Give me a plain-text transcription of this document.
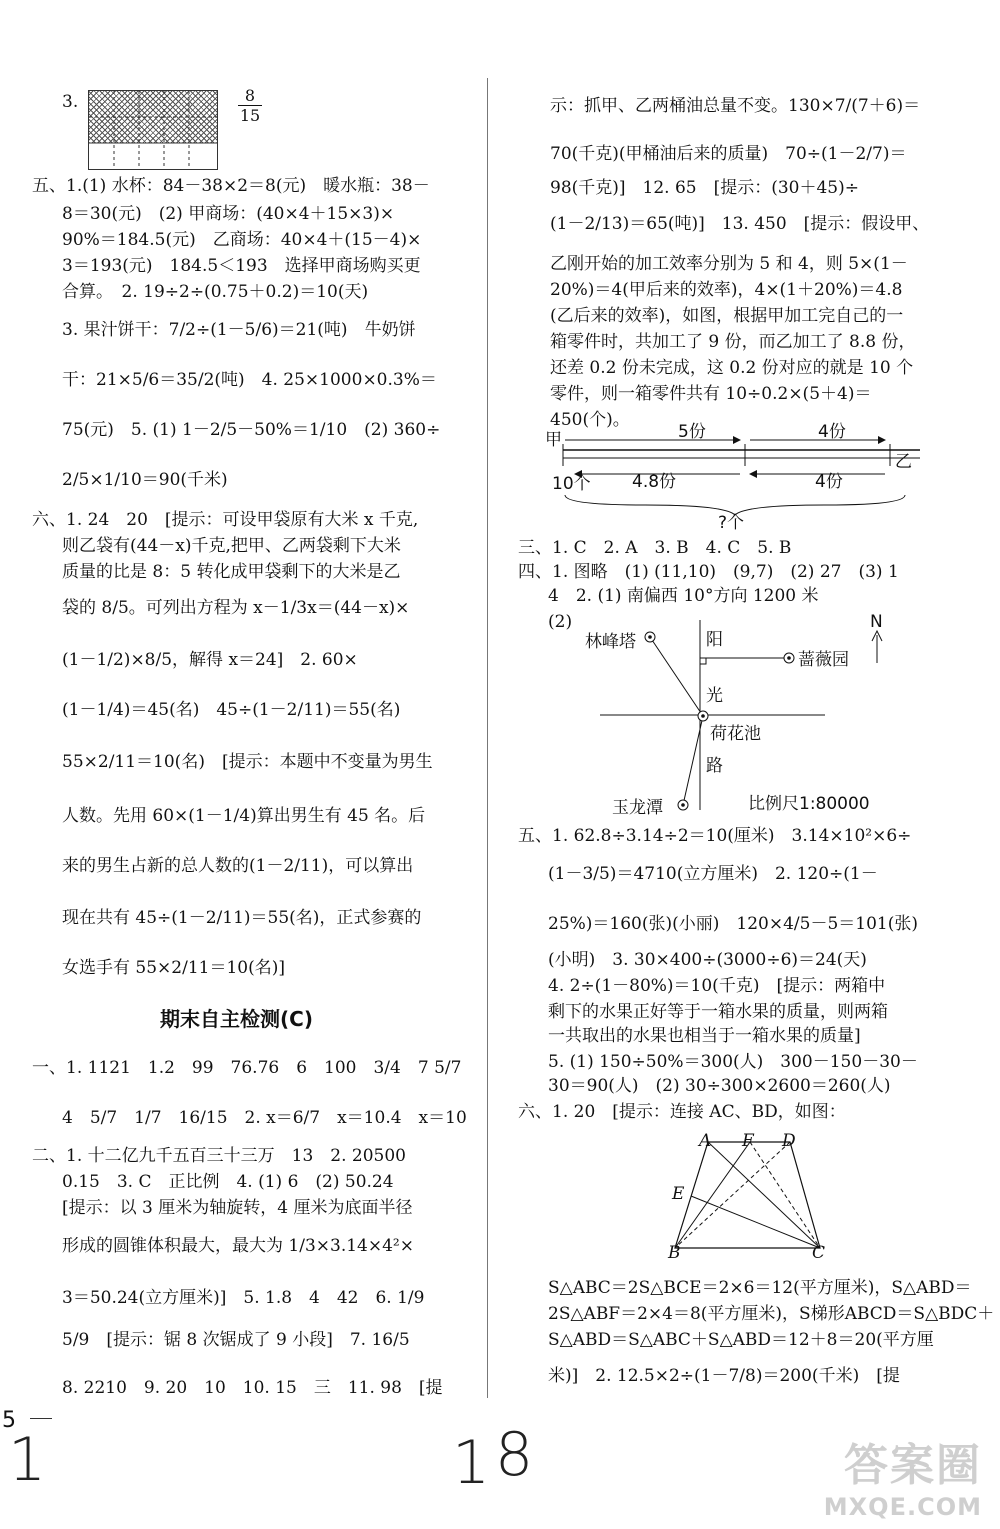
$\frac{8}{15}$
3.
五、1.(1) 水杯：84－38×2＝8(元)　暖水瓶：38－
8＝30(元)　(2) 甲商场：(40×4＋15×3)×
90%＝184.5(元)　乙商场：40×4＋(15－4)×
3＝193(元)　184.5＜193　选择甲商场购买更
合算。　2. 19÷2÷(0.75＋0.2)＝10(天)
3. 果汁饼干：7/2÷(1－5/6)＝21(吨)　牛奶饼
干：21×5/6＝35/2(吨)　4. 25×1000×0.3%＝
75(元)　5. (1) 1－2/5－50%＝1/10　(2) 360÷
2/5×1/10＝90(千米)
六、1. 24　20　[提示：可设甲袋原有大米 x 千克,
则乙袋有(44－x)千克,把甲、乙两袋剩下大米
质量的比是 8：5 转化成甲袋剩下的大米是乙
袋的 8/5。可列出方程为 x－1/3x＝(44－x)×
(1－1/2)×8/5，解得 x＝24]　2. 60×
(1－1/4)＝45(名)　45÷(1－2/11)＝55(名)
55×2/11＝10(名)　[提示：本题中不变量为男生
人数。先用 60×(1－1/4)算出男生有 45 名。后
来的男生占新的总人数的(1－2/11)，可以算出
现在共有 45÷(1－2/11)＝55(名)，正式参赛的
女选手有 55×2/11＝10(名)]
期末自主检测(C)
一、1. 1121　1.2　99　76.76　6　100　3/4　7 5/7
4　5/7　1/7　16/15　2. x＝6/7　x＝10.4　x＝10
二、1. 十二亿九千五百三十三万　13　2. 20500
0.15　3. C　正比例　4. (1) 6　(2) 50.24
[提示：以 3 厘米为轴旋转，4 厘米为底面半径
形成的圆锥体积最大，最大为 1/3×3.14×4²×
3＝50.24(立方厘米)]　5. 1.8　4　42　6. 1/9
5/9　[提示：锯 8 次锯成了 9 小段]　7. 16/5
8. 2210　9. 20　10　10. 15　三　11. 98　[提
示：抓甲、乙两桶油总量不变。130×7/(7＋6)＝
70(千克)(甲桶油后来的质量)　70÷(1－2/7)＝
98(千克)]　12. 65　[提示：(30＋45)÷
(1－2/13)＝65(吨)]　13. 450　[提示：假设甲、
乙刚开始的加工效率分别为 5 和 4，则 5×(1－
20%)＝4(甲后来的效率)，4×(1＋20%)＝4.8
(乙后来的效率)，如图，根据甲加工完自己的一
箱零件时，共加工了 9 份，而乙加工了 8.8 份，
还差 0.2 份未完成，这 0.2 份对应的就是 10 个
零件，则一箱零件共有 10÷0.2×(5＋4)＝
450(个)。
甲	5份	4份
乙
10个 4.8份	4份
?个
三、1. C　2. A　3. B　4. C　5. B
四、1. 图略　(1) (11,10)　(9,7)　(2) 27　(3) 1
4　2. (1) 南偏西 10°方向 1200 米
(2)
林峰塔	阳
蔷薇园
N
光
荷花池
路
玉龙潭	比例尺1:80000
五、1. 62.8÷3.14÷2＝10(厘米)　3.14×10²×6÷
(1－3/5)＝4710(立方厘米)　2. 120÷(1－
25%)＝160(张)(小丽)　120×4/5－5＝101(张)
(小明)　3. 30×400÷(3000÷6)＝24(天)
4. 2÷(1－80%)＝10(千克)　[提示：两箱中
剩下的水果正好等于一箱水果的质量，则两箱
一共取出的水果也相当于一箱水果的质量]
5. (1) 150÷50%＝300(人)　300－150－30－
30＝90(人)　(2) 30÷300×2600＝260(人)
六、1. 20　[提示：连接 AC、BD，如图：
A F D
E
B	C
S△ABC＝2S△BCE＝2×6＝12(平方厘米)，S△ABD＝
2S△ABF＝2×4＝8(平方厘米)，S梯形ABCD＝S△BDC＋
S△ABD＝S△ABC＋S△ABD＝12＋8＝20(平方厘
米)]　2. 12.5×2÷(1－7/8)＝200(千米)　[提
5
1	1 8	答案圈
MXQE.COM
